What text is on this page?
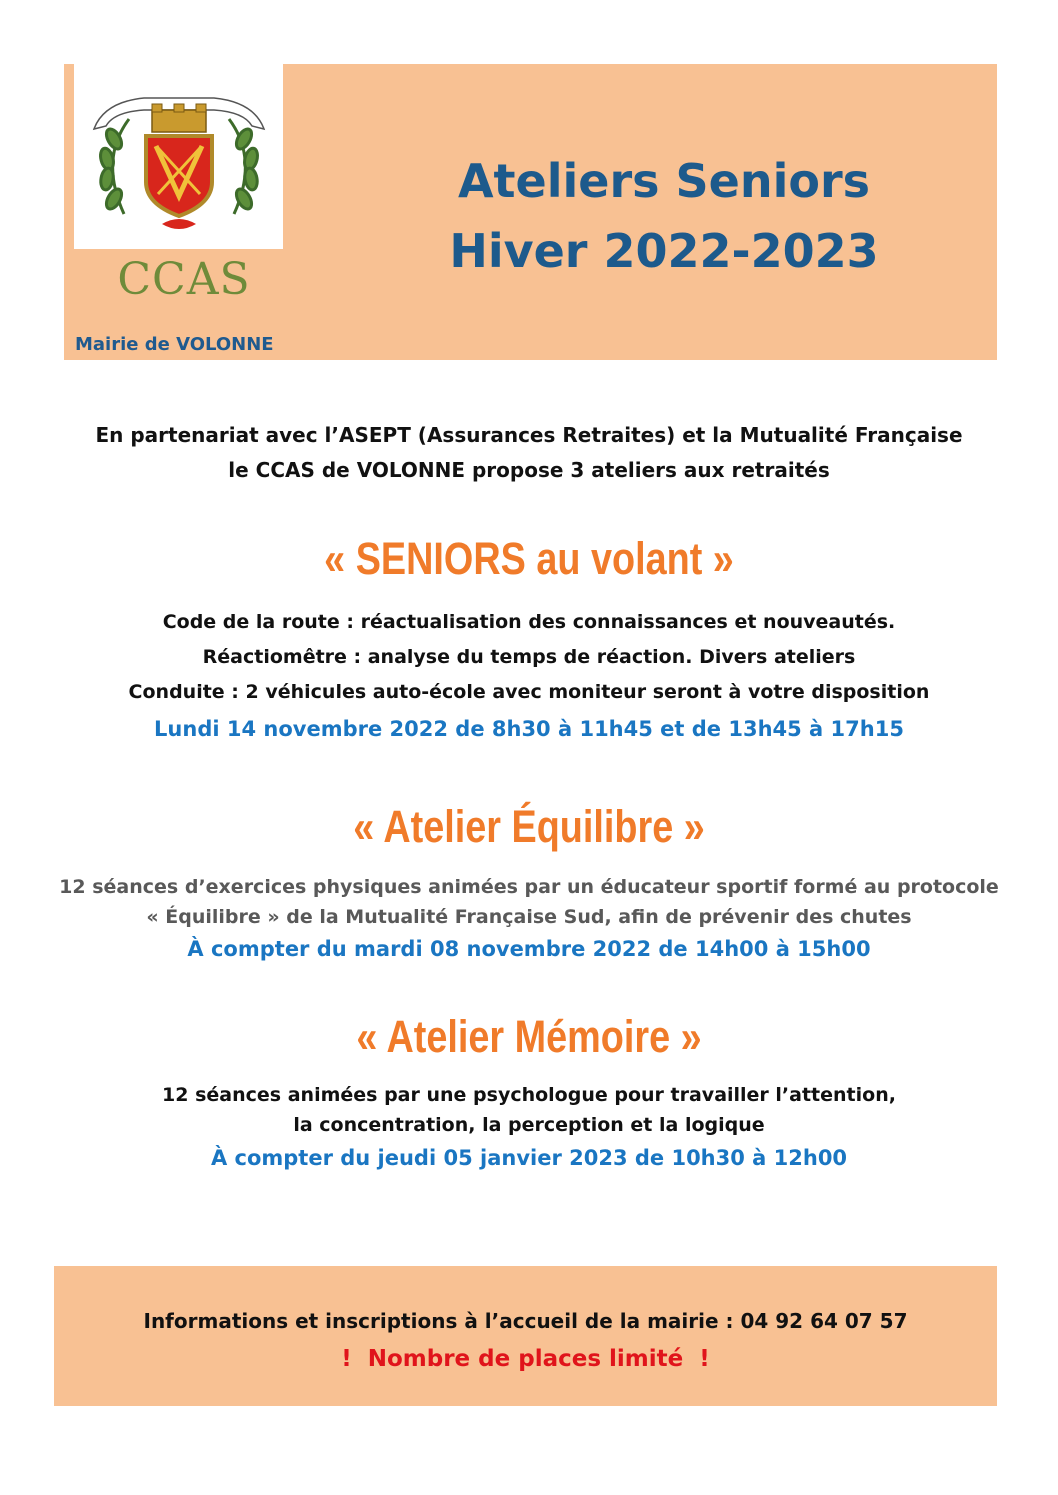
CCAS
Mairie de VOLONNE
Ateliers Seniors
Hiver 2022-2023
En partenariat avec l’ASEPT (Assurances Retraites) et la Mutualité Française
le CCAS de VOLONNE propose 3 ateliers aux retraités
« SENIORS au volant »
Code de la route : réactualisation des connaissances et nouveautés.
Réactiomêtre : analyse du temps de réaction. Divers ateliers
Conduite : 2 véhicules auto-école avec moniteur seront à votre disposition
Lundi 14 novembre 2022 de 8h30 à 11h45 et de 13h45 à 17h15
« Atelier Équilibre »
12 séances d’exercices physiques animées par un éducateur sportif formé au protocole
« Équilibre » de la Mutualité Française Sud, afin de prévenir des chutes
À compter du mardi 08 novembre 2022 de 14h00 à 15h00
« Atelier Mémoire »
12 séances animées par une psychologue pour travailler l’attention,
la concentration, la perception et la logique
À compter du jeudi 05 janvier 2023 de 10h30 à 12h00
Informations et inscriptions à l’accueil de la mairie : 04 92 64 07 57
!  Nombre de places limité  !
